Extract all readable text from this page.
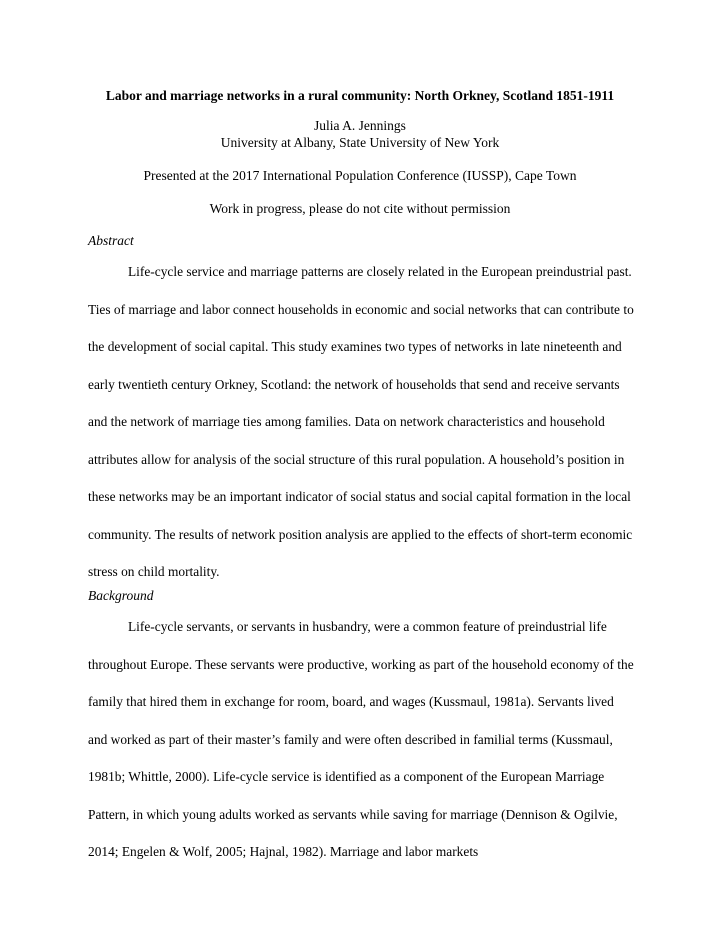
Labor and marriage networks in a rural community: North Orkney, Scotland 1851-1911
Julia A. Jennings
University at Albany, State University of New York
Presented at the 2017 International Population Conference (IUSSP), Cape Town
Work in progress, please do not cite without permission
Abstract

Life-cycle service and marriage patterns are closely related in the European preindustrial past. Ties of marriage and labor connect households in economic and social networks that can contribute to the development of social capital. This study examines two types of networks in late nineteenth and early twentieth century Orkney, Scotland: the network of households that send and receive servants and the network of marriage ties among families. Data on network characteristics and household attributes allow for analysis of the social structure of this rural population. A household’s position in these networks may be an important indicator of social status and social capital formation in the local community. The results of network position analysis are applied to the effects of short-term economic stress on child mortality.

Background

Life-cycle servants, or servants in husbandry, were a common feature of preindustrial life throughout Europe. These servants were productive, working as part of the household economy of the family that hired them in exchange for room, board, and wages (Kussmaul, 1981a). Servants lived and worked as part of their master’s family and were often described in familial terms (Kussmaul, 1981b; Whittle, 2000). Life-cycle service is identified as a component of the European Marriage Pattern, in which young adults worked as servants while saving for marriage (Dennison & Ogilvie, 2014; Engelen & Wolf, 2005; Hajnal, 1982). Marriage and labor markets
